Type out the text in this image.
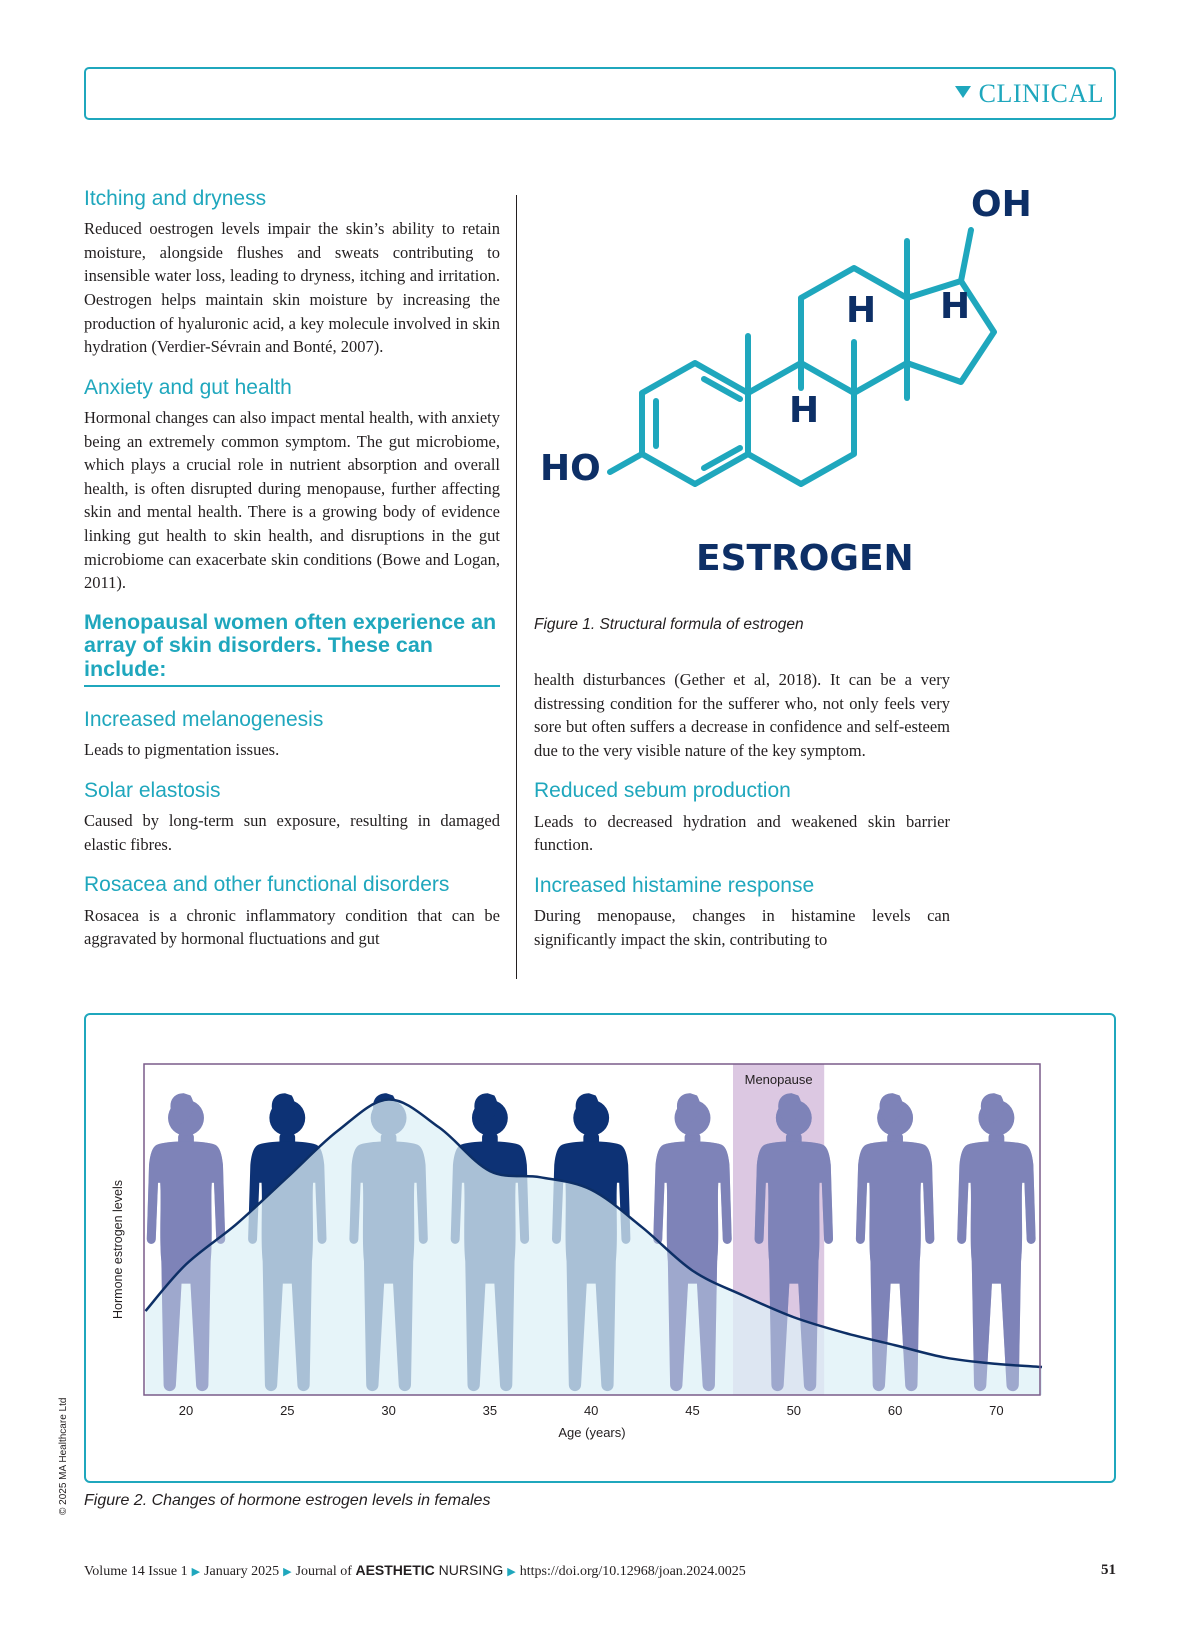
CLINICAL
Itching and dryness

Reduced oestrogen levels impair the skin’s ability to retain moisture, alongside flushes and sweats contributing to insensible water loss, leading to dryness, itching and irritation. Oestrogen helps maintain skin moisture by increasing the production of hyaluronic acid, a key molecule involved in skin hydration (Verdier-Sévrain and Bonté, 2007).

Anxiety and gut health

Hormonal changes can also impact mental health, with anxiety being an extremely common symptom. The gut microbiome, which plays a crucial role in nutrient absorption and overall health, is often disrupted during menopause, further affecting skin and mental health. There is a growing body of evidence linking gut health to skin health, and disruptions in the gut microbiome can exacerbate skin conditions (Bowe and Logan, 2011).

Menopausal women often experience an array of skin disorders. These can include:
Increased melanogenesis

Leads to pigmentation issues.

Solar elastosis

Caused by long-term sun exposure, resulting in damaged elastic fibres.

Rosacea and other functional disorders

Rosacea is a chronic inflammatory condition that can be aggravated by hormonal fluctuations and gut

OH
HO
H H
H
ESTROGEN
Figure 1. Structural formula of estrogen

health disturbances (Gether et al, 2018). It can be a very distressing condition for the sufferer who, not only feels very sore but often suffers a decrease in confidence and self-esteem due to the very visible nature of the key symptom.

Reduced sebum production

Leads to decreased hydration and weakened skin barrier function.

Increased histamine response

During menopause, changes in histamine levels can significantly impact the skin, contributing to

Menopause
20	25	30	35	40	45	50	60	70
Age (years)
Hormone estrogen levels
Figure 2. Changes of hormone estrogen levels in females
© 2025 MA Healthcare Ltd
Volume 14 Issue 1 ▶ January 2025 ▶ Journal of AESTHETIC NURSING ▶ https://doi.org/10.12968/joan.2024.0025	51
